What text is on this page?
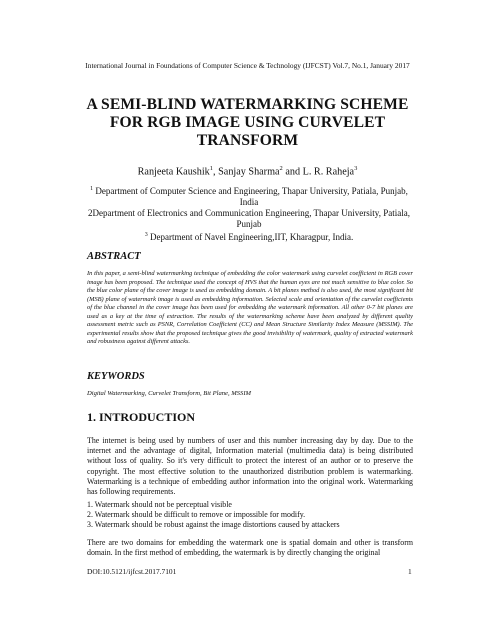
International Journal in Foundations of Computer Science & Technology (IJFCST) Vol.7, No.1, January 2017
A SEMI-BLIND WATERMARKING SCHEME
FOR RGB IMAGE USING CURVELET
TRANSFORM
Ranjeeta Kaushik$^1$, Sanjay Sharma$^2$ and L. R. Raheja$^3$
$^1$ Department of Computer Science and Engineering, Thapar University, Patiala, Punjab,
India
2Department of Electronics and Communication Engineering, Thapar University, Patiala,
Punjab
$^3$ Department of Navel Engineering,IIT, Kharagpur, India.
ABSTRACT
In this paper, a semi-blind watermarking technique of embedding the color watermark using curvelet coefficient in RGB cover image has been proposed. The technique used the concept of HVS that the human eyes are not much sensitive to blue color. So the blue color plane of the cover image is used as embedding domain. A bit planes method is also used, the most significant bit (MSB) plane of watermark image is used as embedding information. Selected scale and orientation of the curvelet coefficients of the blue channel in the cover image has been used for embedding the watermark information. All other 0-7 bit planes are used as a key at the time of extraction. The results of the watermarking scheme have been analyzed by different quality assessment metric such as PSNR, Correlation Coefficient (CC) and Mean Structure Similarity Index Measure (MSSIM). The experimental results show that the proposed technique gives the good invisibility of watermark, quality of extracted watermark and robustness against different attacks.
KEYWORDS
Digital Watermarking, Curvelet Transform, Bit Plane, MSSIM
1. INTRODUCTION
The internet is being used by numbers of user and this number increasing day by day. Due to the internet and the advantage of digital, Information material (multimedia data) is being distributed without loss of quality. So it's very difficult to protect the interest of an author or to preserve the copyright. The most effective solution to the unauthorized distribution problem is watermarking. Watermarking is a technique of embedding author information into the original work. Watermarking has following requirements.
1. Watermark should not be perceptual visible
2. Watermark should be difficult to remove or impossible for modify.
3. Watermark should be robust against the image distortions caused by attackers
There are two domains for embedding the watermark one is spatial domain and other is transform domain. In the first method of embedding, the watermark is by directly changing the original
DOI:10.5121/ijfcst.2017.7101	1
